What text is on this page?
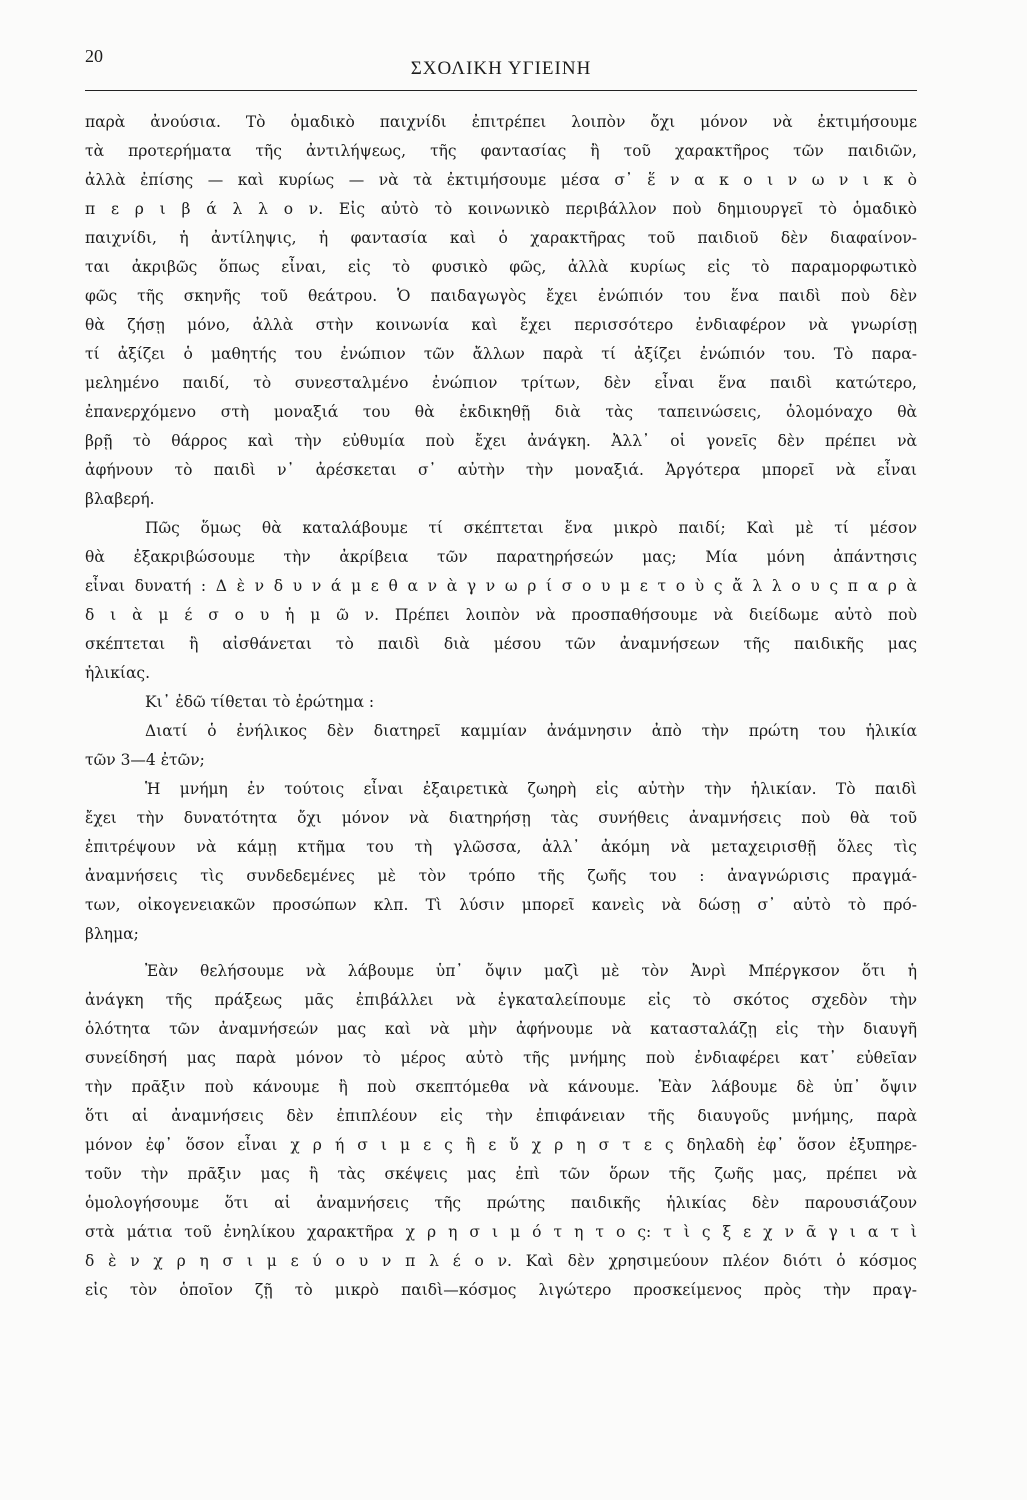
20
ΣΧΟΛΙΚΗ ΥΓΙΕΙΝΗ
παρὰ ἀνούσια. Τὸ ὁμαδικὸ παιχνίδι ἐπιτρέπει λοιπὸν ὄχι μόνον νὰ ἐκτιμήσουμε
τὰ προτερήματα τῆς ἀντιλήψεως, τῆς φαντασίας ἢ τοῦ χαρακτῆρος τῶν παιδιῶν,
ἀλλὰ ἐπίσης — καὶ κυρίως — νὰ τὰ ἐκτιμήσουμε μέσα σ᾽ ἕ ν α κ ο ι ν ω ν ι κ ὸ
π ε ρ ι β ά λ λ ο ν. Εἰς αὐτὸ τὸ κοινωνικὸ περιβάλλον ποὺ δημιουργεῖ τὸ ὁμαδικὸ
παιχνίδι, ἡ ἀντίληψις, ἡ φαντασία καὶ ὁ χαρακτῆρας τοῦ παιδιοῦ δὲν διαφαίνον-
ται ἀκριβῶς ὅπως εἶναι, εἰς τὸ φυσικὸ φῶς, ἀλλὰ κυρίως εἰς τὸ παραμορφωτικὸ
φῶς τῆς σκηνῆς τοῦ θεάτρου. Ὁ παιδαγωγὸς ἔχει ἐνώπιόν του ἕνα παιδὶ ποὺ δὲν
θὰ ζήσῃ μόνο, ἀλλὰ στὴν κοινωνία καὶ ἔχει περισσότερο ἐνδιαφέρον νὰ γνωρίσῃ
τί ἀξίζει ὁ μαθητής του ἐνώπιον τῶν ἄλλων παρὰ τί ἀξίζει ἐνώπιόν του. Τὸ παρα-
μελημένο παιδί, τὸ συνεσταλμένο ἐνώπιον τρίτων, δὲν εἶναι ἕνα παιδὶ κατώτερο,
ἐπανερχόμενο στὴ μοναξιά του θὰ ἐκδικηθῇ διὰ τὰς ταπεινώσεις, ὁλομόναχο θὰ
βρῇ τὸ θάρρος καὶ τὴν εὐθυμία ποὺ ἔχει ἀνάγκη. Ἀλλ᾽ οἱ γονεῖς δὲν πρέπει νὰ
ἀφήνουν τὸ παιδὶ ν᾽ ἀρέσκεται σ᾽ αὐτὴν τὴν μοναξιά. Ἀργότερα μπορεῖ νὰ εἶναι
βλαβερή.
Πῶς ὅμως θὰ καταλάβουμε τί σκέπτεται ἕνα μικρὸ παιδί; Καὶ μὲ τί μέσον
θὰ ἐξακριβώσουμε τὴν ἀκρίβεια τῶν παρατηρήσεών μας; Μία μόνη ἀπάντησις
εἶναι δυνατή : Δ ὲ ν δ υ ν ά μ ε θ α ν ὰ γ ν ω ρ ί σ ο υ μ ε τ ο ὺ ς ἄ λ λ ο υ ς π α ρ ὰ
δ ι ὰ μ έ σ ο υ ἡ μ ῶ ν. Πρέπει λοιπὸν νὰ προσπαθήσουμε νὰ διείδωμε αὐτὸ ποὺ
σκέπτεται ἢ αἰσθάνεται τὸ παιδὶ διὰ μέσου τῶν ἀναμνήσεων τῆς παιδικῆς μας
ἡλικίας.
Κι᾽ ἐδῶ τίθεται τὸ ἐρώτημα :
Διατί ὁ ἐνήλικος δὲν διατηρεῖ καμμίαν ἀνάμνησιν ἀπὸ τὴν πρώτη του ἡλικία
τῶν 3—4 ἐτῶν;
Ἡ μνήμη ἐν τούτοις εἶναι ἐξαιρετικὰ ζωηρὴ εἰς αὐτὴν τὴν ἡλικίαν. Τὸ παιδὶ
ἔχει τὴν δυνατότητα ὄχι μόνον νὰ διατηρήσῃ τὰς συνήθεις ἀναμνήσεις ποὺ θὰ τοῦ
ἐπιτρέψουν νὰ κάμῃ κτῆμα του τὴ γλῶσσα, ἀλλ᾽ ἀκόμη νὰ μεταχειρισθῇ ὅλες τὶς
ἀναμνήσεις τὶς συνδεδεμένες μὲ τὸν τρόπο τῆς ζωῆς του : ἀναγνώρισις πραγμά-
των, οἰκογενειακῶν προσώπων κλπ. Τὶ λύσιν μπορεῖ κανεὶς νὰ δώσῃ σ᾽ αὐτὸ τὸ πρό-
βλημα;
Ἐὰν θελήσουμε νὰ λάβουμε ὑπ᾽ ὄψιν μαζὶ μὲ τὸν Ἀνρὶ Μπέργκσον ὅτι ἡ
ἀνάγκη τῆς πράξεως μᾶς ἐπιβάλλει νὰ ἐγκαταλείπουμε εἰς τὸ σκότος σχεδὸν τὴν
ὁλότητα τῶν ἀναμνήσεών μας καὶ νὰ μὴν ἀφήνουμε νὰ κατασταλάζῃ εἰς τὴν διαυγῆ
συνείδησή μας παρὰ μόνον τὸ μέρος αὐτὸ τῆς μνήμης ποὺ ἐνδιαφέρει κατ᾽ εὐθεῖαν
τὴν πρᾶξιν ποὺ κάνουμε ἢ ποὺ σκεπτόμεθα νὰ κάνουμε. Ἐὰν λάβουμε δὲ ὑπ᾽ ὄψιν
ὅτι αἱ ἀναμνήσεις δὲν ἐπιπλέουν εἰς τὴν ἐπιφάνειαν τῆς διαυγοῦς μνήμης, παρὰ
μόνον ἐφ᾽ ὅσον εἶναι χ ρ ή σ ι μ ε ς ἢ ε ὔ χ ρ η σ τ ε ς δηλαδὴ ἐφ᾽ ὅσον ἐξυπηρε-
τοῦν τὴν πρᾶξιν μας ἢ τὰς σκέψεις μας ἐπὶ τῶν ὅρων τῆς ζωῆς μας, πρέπει νὰ
ὁμολογήσουμε ὅτι αἱ ἀναμνήσεις τῆς πρώτης παιδικῆς ἡλικίας δὲν παρουσιάζουν
στὰ μάτια τοῦ ἐνηλίκου χαρακτῆρα χ ρ η σ ι μ ό τ η τ ο ς: τ ὶ ς ξ ε χ ν ᾶ γ ι α τ ὶ
δ ὲ ν χ ρ η σ ι μ ε ύ ο υ ν π λ έ ο ν. Καὶ δὲν χρησιμεύουν πλέον διότι ὁ κόσμος
εἰς τὸν ὁποῖον ζῇ τὸ μικρὸ παιδὶ—κόσμος λιγώτερο προσκείμενος πρὸς τὴν πραγ-
